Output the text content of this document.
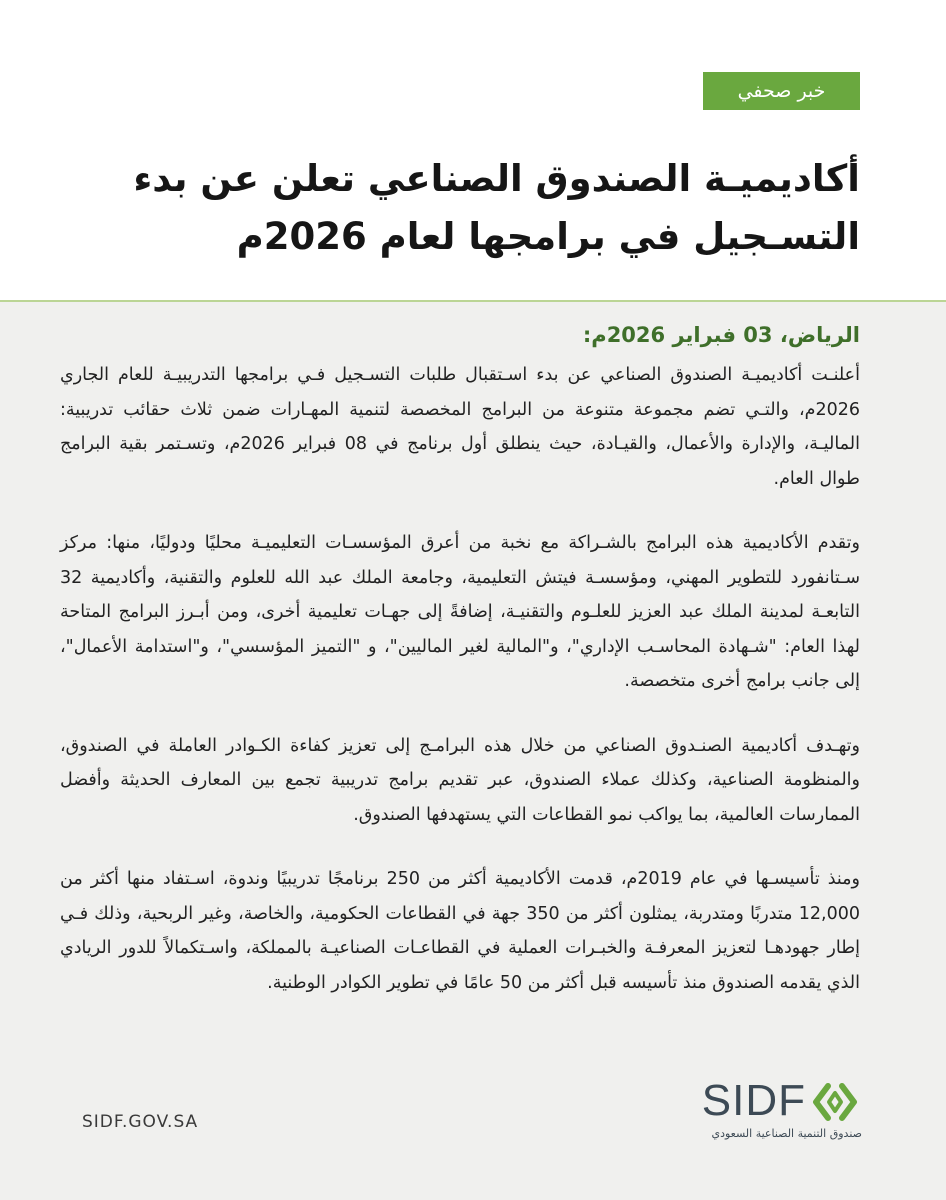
خبر صحفي
أكاديميـة الصندوق الصناعي تعلن عن بدء التسـجيل في برامجها لعام 2026م

الرياض، 03 فبراير 2026م:

أعلنـت أكاديميـة الصندوق الصناعي عن بدء اسـتقبال طلبات التسـجيل فـي برامجها التدريبيـة للعام الجاري 2026م، والتـي تضم مجموعة متنوعة من البرامج المخصصة لتنمية المهـارات ضمن ثلاث حقائب تدريبية: الماليـة، والإدارة والأعمال، والقيـادة، حيث ينطلق أول برنامج في 08 فبراير 2026م، وتسـتمر بقية البرامج طوال العام.

وتقدم الأكاديمية هذه البرامج بالشـراكة مع نخبة من أعرق المؤسسـات التعليميـة محليًا ودوليًا، منها: مركز سـتانفورد للتطوير المهني، ومؤسسـة فيتش التعليمية، وجامعة الملك عبد الله للعلوم والتقنية، وأكاديمية 32 التابعـة لمدينة الملك عبد العزيز للعلـوم والتقنيـة، إضافةً إلى جهـات تعليمية أخرى، ومن أبـرز البرامج المتاحة لهذا العام: "شـهادة المحاسـب الإداري"، و"المالية لغير الماليين"، و "التميز المؤسسي"، و"استدامة الأعمال"، إلى جانب برامج أخرى متخصصة.

وتهـدف أكاديمية الصنـدوق الصناعي من خلال هذه البرامـج إلى تعزيز كفاءة الكـوادر العاملة في الصندوق، والمنظومة الصناعية، وكذلك عملاء الصندوق، عبر تقديم برامج تدريبية تجمع بين المعارف الحديثة وأفضل الممارسات العالمية، بما يواكب نمو القطاعات التي يستهدفها الصندوق.

ومنذ تأسيسـها في عام 2019م، قدمت الأكاديمية أكثر من 250 برنامجًا تدريبيًا وندوة، اسـتفاد منها أكثر من 12,000 متدربًا ومتدربة، يمثلون أكثر من 350 جهة في القطاعات الحكومية، والخاصة، وغير الربحية، وذلك فـي إطار جهودهـا لتعزيز المعرفـة والخبـرات العملية في القطاعـات الصناعيـة بالمملكة، واسـتكمالاً للدور الريادي الذي يقدمه الصندوق منذ تأسيسه قبل أكثر من 50 عامًا في تطوير الكوادر الوطنية.

SIDF.GOV.SA	SIDF
صندوق التنمية الصناعية السعودي
